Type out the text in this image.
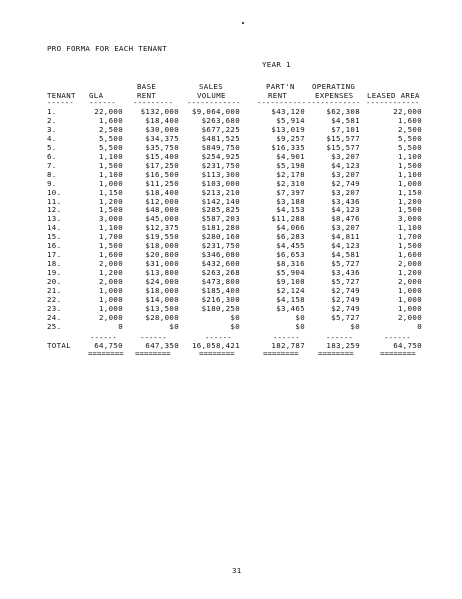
PRO FORMA FOR EACH TENANT
YEAR 1
BASE	SALES	PART'N OPERATING
TENANT GLA	RENT	VOLUME	RENT	EXPENSES LEASED AREA
------ ------ --------- ------------ ----------- ------------ ------------
1.	22,000 $132,000 $9,064,000	$43,120	$62,308	22,000
2.	1,600	$18,400	$263,680	$5,914	$4,581	1,600
3.	2,500	$30,000	$677,225	$13,019	$7,101	2,500
4.	5,500	$34,375	$481,525	$9,257	$15,577	5,500
5.	5,500	$35,750	$849,750	$16,335	$15,577	5,500
6.	1,100	$15,400	$254,925	$4,901	$3,207	1,100
7.	1,500	$17,250	$231,750	$5,198	$4,123	1,500
8.	1,100	$16,500	$113,300	$2,178	$3,207	1,100
9.	1,000	$11,250	$103,000	$2,310	$2,749	1,000
10.	1,150	$18,400	$213,210	$7,397	$3,207	1,150
11.	1,200	$12,000	$142,140	$3,188	$3,436	1,200
12.	1,500	$48,000	$285,825	$4,153	$4,123	1,500
13.	3,000	$45,000	$587,203	$11,288	$8,476	3,000
14.	1,100	$12,375	$181,280	$4,066	$3,207	1,100
15.	1,700	$19,550	$280,160	$6,283	$4,811	1,700
16.	1,500	$18,000	$231,750	$4,455	$4,123	1,500
17.	1,600	$20,800	$346,080	$6,653	$4,581	1,600
18.	2,000	$31,000	$432,600	$8,316	$5,727	2,000
19.	1,200	$13,800	$263,268	$5,904	$3,436	1,200
20.	2,000	$24,000	$473,800	$9,108	$5,727	2,000
21.	1,000	$18,000	$185,400	$2,124	$2,749	1,000
22.	1,000	$14,000	$216,300	$4,158	$2,749	1,000
23.	1,000	$13,500	$180,250	$3,465	$2,749	1,000
24.	2,000	$28,000	$0	$0	$5,727	2,000
25.	0	$0	$0	$0	$0	0
------	------	------	------	------	------
TOTAL	64,750	647,350 16,058,421	182,787	183,259	64,750
======== ========	========	========	========	========
31
